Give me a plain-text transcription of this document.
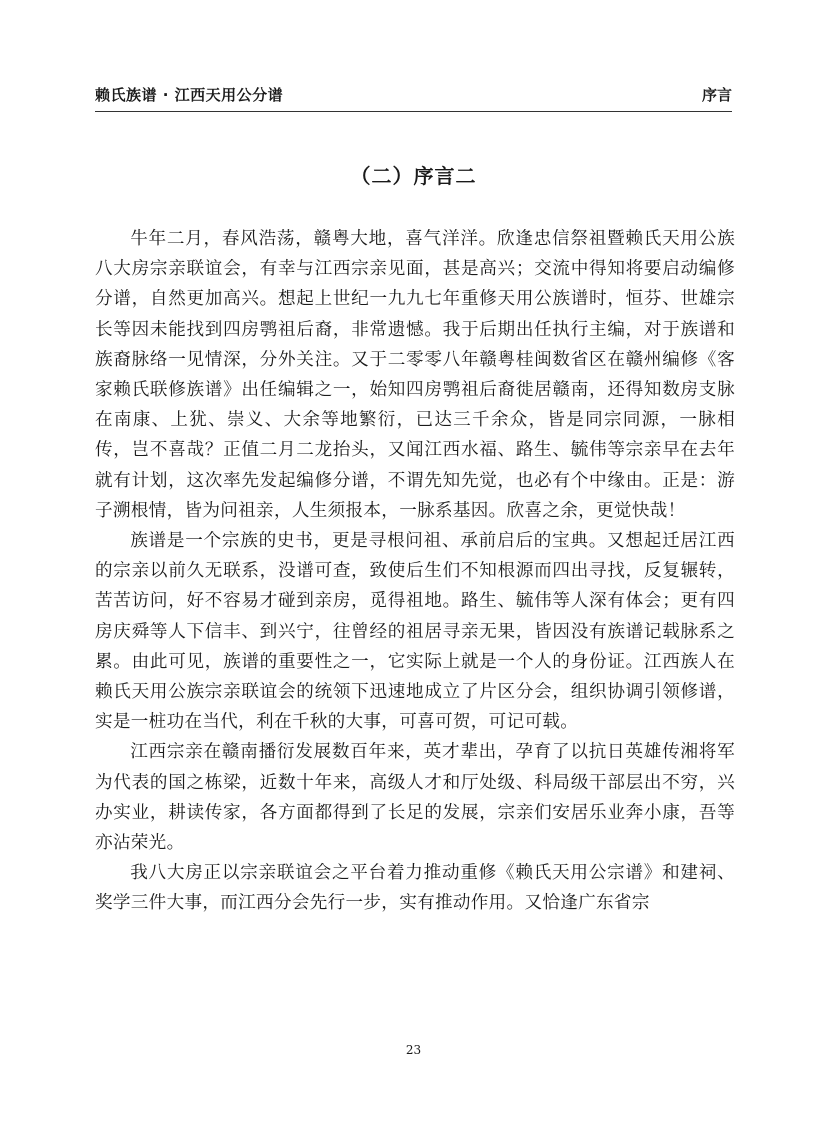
赖氏族谱 · 江西天用公分谱	序言
（二）序言二

牛年二月，春风浩荡，赣粤大地，喜气洋洋。欣逢忠信祭祖暨赖氏天用公族八大房宗亲联谊会，有幸与江西宗亲见面，甚是高兴；交流中得知将要启动编修分谱，自然更加高兴。想起上世纪一九九七年重修天用公族谱时，恒芬、世雄宗长等因未能找到四房鹗祖后裔，非常遗憾。我于后期出任执行主编，对于族谱和族裔脉络一见情深，分外关注。又于二零零八年赣粤桂闽数省区在赣州编修《客家赖氏联修族谱》出任编辑之一，始知四房鹗祖后裔徙居赣南，还得知数房支脉在南康、上犹、崇义、大余等地繁衍，已达三千余众，皆是同宗同源，一脉相传，岂不喜哉？正值二月二龙抬头，又闻江西水福、路生、毓伟等宗亲早在去年就有计划，这次率先发起编修分谱，不谓先知先觉，也必有个中缘由。正是：游子溯根情，皆为问祖亲，人生须报本，一脉系基因。欣喜之余，更觉快哉！

族谱是一个宗族的史书，更是寻根问祖、承前启后的宝典。又想起迁居江西的宗亲以前久无联系，没谱可查，致使后生们不知根源而四出寻找，反复辗转，苦苦访问，好不容易才碰到亲房，觅得祖地。路生、毓伟等人深有体会；更有四房庆舜等人下信丰、到兴宁，往曾经的祖居寻亲无果，皆因没有族谱记载脉系之累。由此可见，族谱的重要性之一，它实际上就是一个人的身份证。江西族人在赖氏天用公族宗亲联谊会的统领下迅速地成立了片区分会，组织协调引领修谱，实是一桩功在当代，利在千秋的大事，可喜可贺，可记可载。

江西宗亲在赣南播衍发展数百年来，英才辈出，孕育了以抗日英雄传湘将军为代表的国之栋梁，近数十年来，高级人才和厅处级、科局级干部层出不穷，兴办实业，耕读传家，各方面都得到了长足的发展，宗亲们安居乐业奔小康，吾等亦沾荣光。

我八大房正以宗亲联谊会之平台着力推动重修《赖氏天用公宗谱》和建祠、奖学三件大事，而江西分会先行一步，实有推动作用。又恰逢广东省宗

23
